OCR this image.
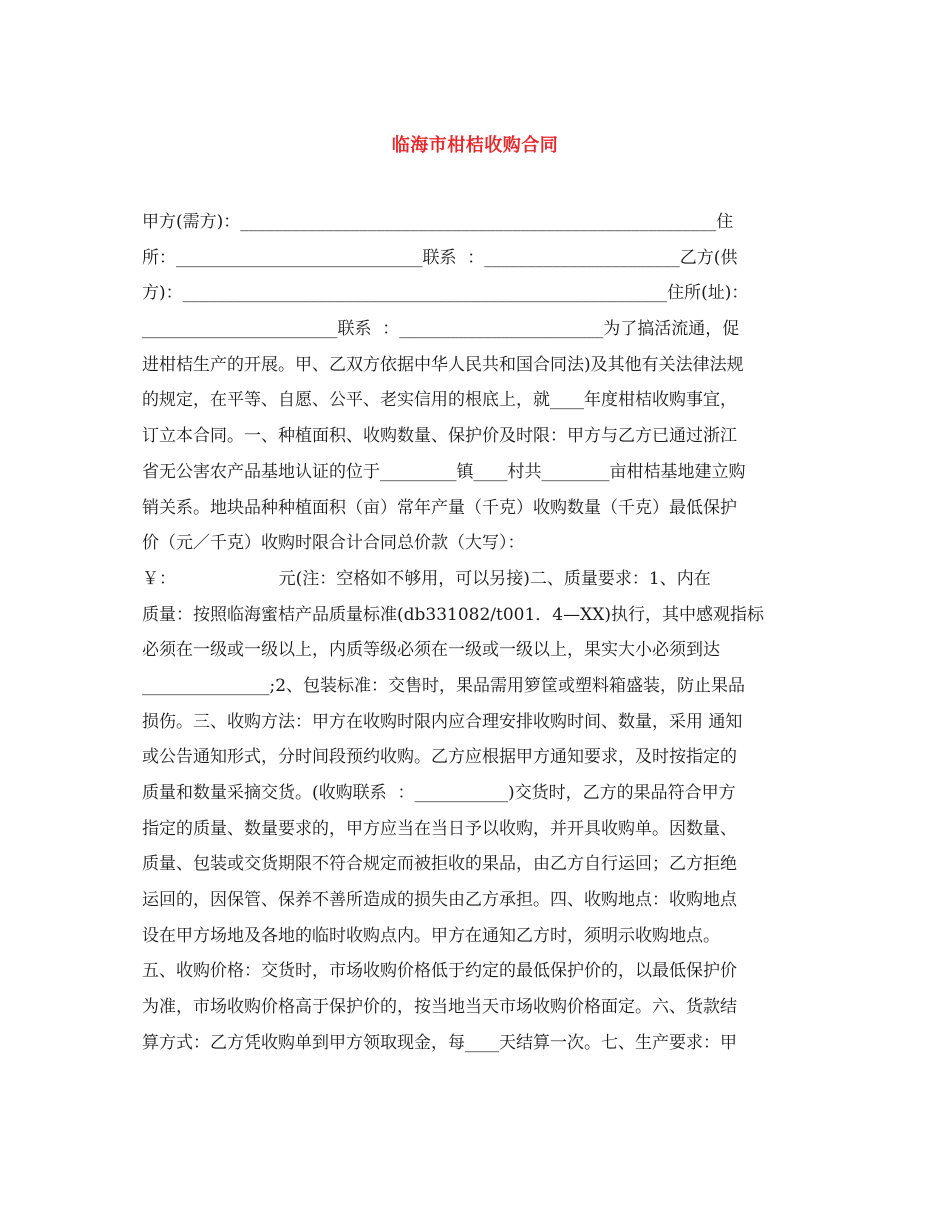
临海市柑桔收购合同
甲方(需方)：________________________________________________________住
所：_____________________________联系  ：_______________________乙方(供
方)：_________________________________________________________住所(址)：
_______________________联系  ：________________________为了搞活流通，促
进柑桔生产的开展。甲、乙双方依据中华人民共和国合同法)及其他有关法律法规
的规定，在平等、自愿、公平、老实信用的根底上，就____年度柑桔收购事宜，
订立本合同。一、种植面积、收购数量、保护价及时限：甲方与乙方已通过浙江
省无公害农产品基地认证的位于_________镇____村共________亩柑桔基地建立购
销关系。地块品种种植面积（亩）常年产量（千克）收购数量（千克）最低保护
价（元／千克）收购时限合计合同总价款（大写）：
￥：                   元(注：空格如不够用，可以另接)二、质量要求：1、内在
质量：按照临海蜜桔产品质量标准(db331082/t001．4—XX)执行，其中感观指标
必须在一级或一级以上，内质等级必须在一级或一级以上，果实大小必须到达
_______________;2、包装标准：交售时，果品需用箩筐或塑料箱盛装，防止果品
损伤。三、收购方法：甲方在收购时限内应合理安排收购时间、数量，采用 通知
或公告通知形式，分时间段预约收购。乙方应根据甲方通知要求，及时按指定的
质量和数量采摘交货。(收购联系  ：___________)交货时，乙方的果品符合甲方
指定的质量、数量要求的，甲方应当在当日予以收购，并开具收购单。因数量、
质量、包装或交货期限不符合规定而被拒收的果品，由乙方自行运回；乙方拒绝
运回的，因保管、保养不善所造成的损失由乙方承担。四、收购地点：收购地点
设在甲方场地及各地的临时收购点内。甲方在通知乙方时，须明示收购地点。
五、收购价格：交货时，市场收购价格低于约定的最低保护价的，以最低保护价
为准，市场收购价格高于保护价的，按当地当天市场收购价格面定。六、货款结
算方式：乙方凭收购单到甲方领取现金，每____天结算一次。七、生产要求：甲
